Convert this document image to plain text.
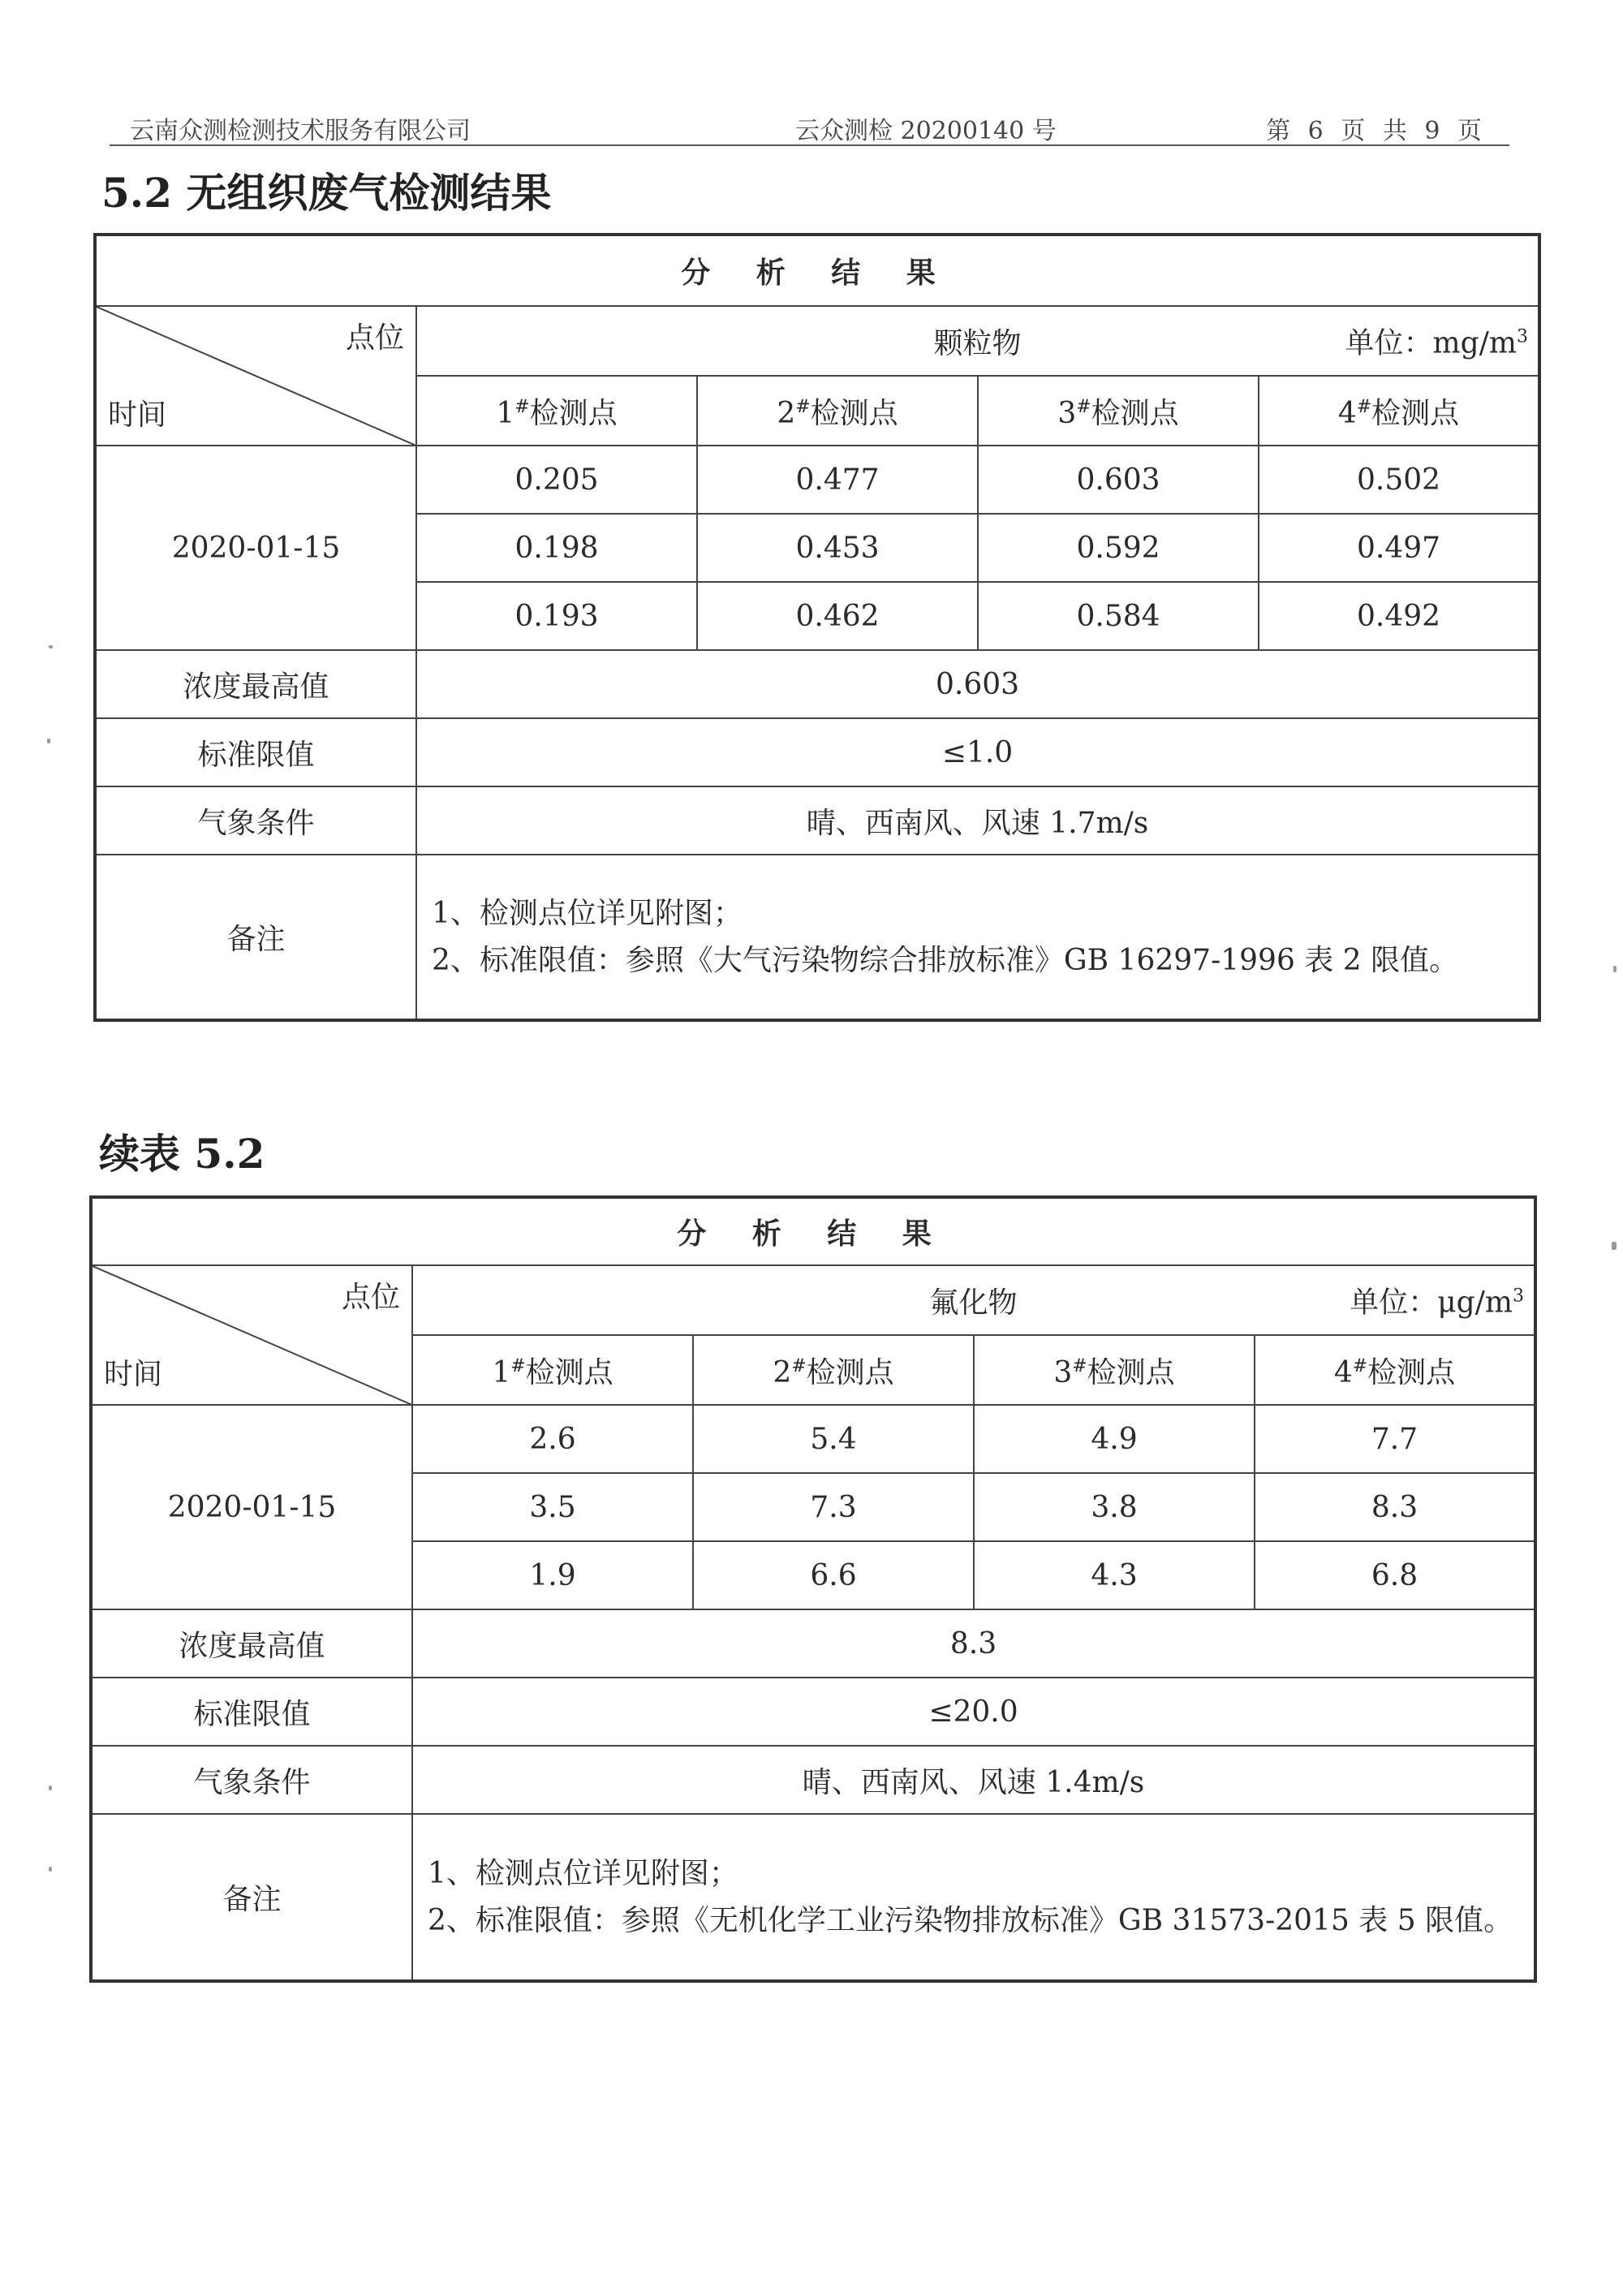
云南众测检测技术服务有限公司	云众测检 20200140 号	第 6 页 共 9 页
5.2 无组织废气检测结果
分 析 结 果				

点位
时间	颗粒物 单位：$mg/m^3$

	1#检测点	2#检测点	3#检测点	4#检测点
2020-01-15	0.205	0.477	0.603	0.502
	0.198	0.453	0.592	0.497
	0.193	0.462	0.584	0.492
浓度最高值	0.603			
标准限值	≤1.0			
气象条件	晴、西南风、风速 1.7m/s			
备注	1、检测点位详见附图；
2、标准限值：参照《大气污染物综合排放标准》GB 16297-1996 表 2 限值。			
续表 5.2
分 析 结 果				

点位
时间	氟化物 单位：$\mu g/m^3$

	1#检测点	2#检测点	3#检测点	4#检测点
2020-01-15	2.6	5.4	4.9	7.7
	3.5	7.3	3.8	8.3
	1.9	6.6	4.3	6.8
浓度最高值	8.3			
标准限值	≤20.0			
气象条件	晴、西南风、风速 1.4m/s			
备注	1、检测点位详见附图；
2、标准限值：参照《无机化学工业污染物排放标准》GB 31573-2015 表 5 限值。			
